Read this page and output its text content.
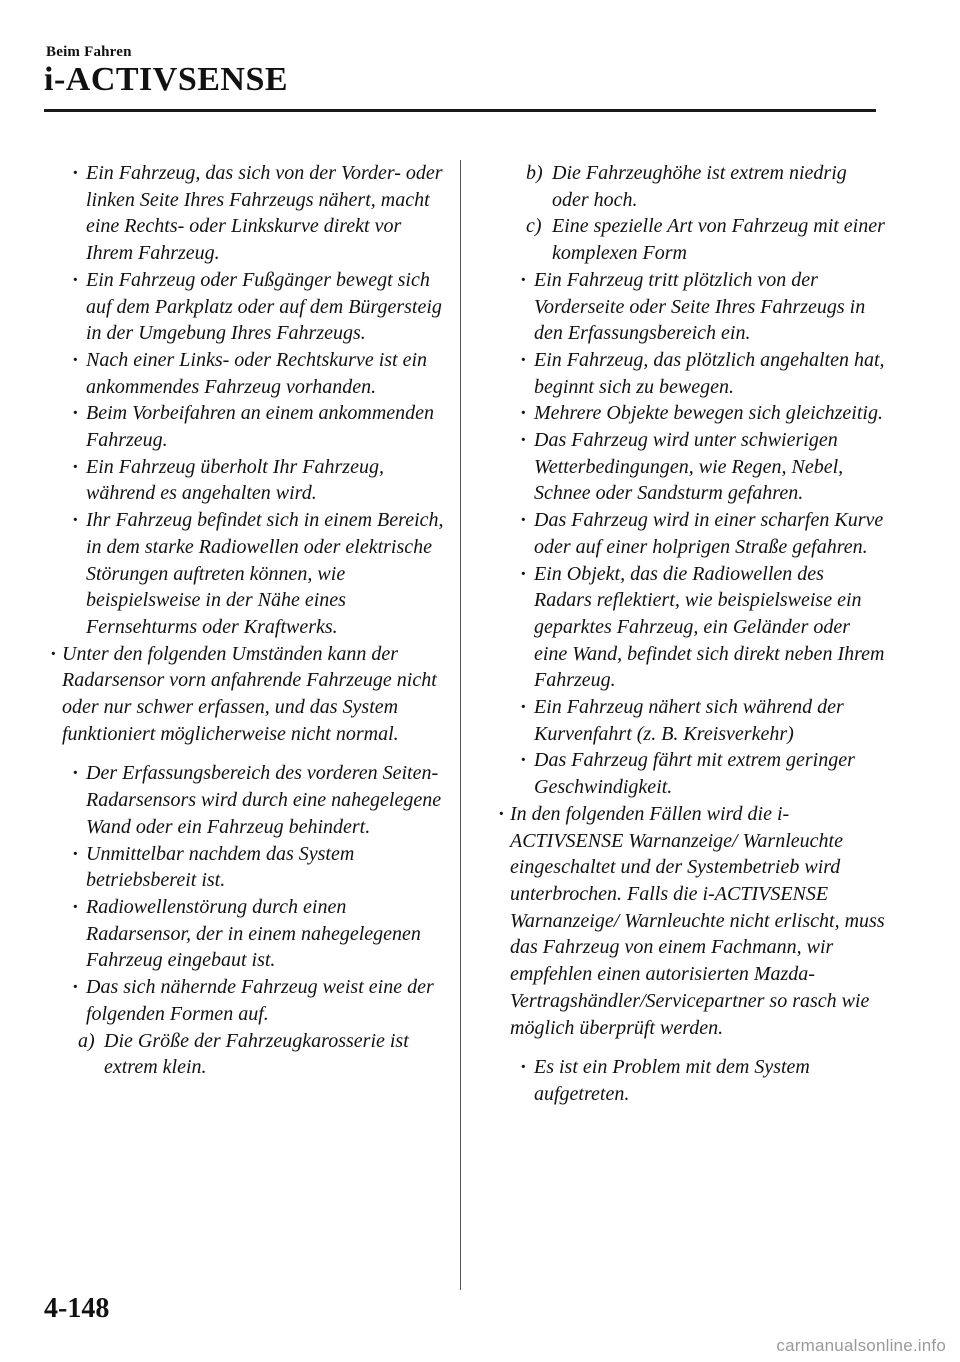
Beim Fahren
i-ACTIVSENSE
· Ein Fahrzeug, das sich von der Vorder- oder linken Seite Ihres Fahrzeugs nähert, macht eine Rechts- oder Linkskurve direkt vor Ihrem Fahrzeug.
· Ein Fahrzeug oder Fußgänger bewegt sich auf dem Parkplatz oder auf dem Bürgersteig in der Umgebung Ihres Fahrzeugs.
· Nach einer Links- oder Rechtskurve ist ein ankommendes Fahrzeug vorhanden.
· Beim Vorbeifahren an einem ankommenden Fahrzeug.
· Ein Fahrzeug überholt Ihr Fahrzeug, während es angehalten wird.
· Ihr Fahrzeug befindet sich in einem Bereich, in dem starke Radiowellen oder elektrische Störungen auftreten können, wie beispielsweise in der Nähe eines Fernsehturms oder Kraftwerks.
· Unter den folgenden Umständen kann der Radarsensor vorn anfahrende Fahrzeuge nicht oder nur schwer erfassen, und das System funktioniert möglicherweise nicht normal.
· Der Erfassungsbereich des vorderen Seiten-Radarsensors wird durch eine nahegelegene Wand oder ein Fahrzeug behindert.
· Unmittelbar nachdem das System betriebsbereit ist.
· Radiowellenstörung durch einen Radarsensor, der in einem nahegelegenen Fahrzeug eingebaut ist.
· Das sich nähernde Fahrzeug weist eine der folgenden Formen auf.
a) Die Größe der Fahrzeugkarosserie ist extrem klein.
b) Die Fahrzeughöhe ist extrem niedrig oder hoch.
c) Eine spezielle Art von Fahrzeug mit einer komplexen Form
· Ein Fahrzeug tritt plötzlich von der Vorderseite oder Seite Ihres Fahrzeugs in den Erfassungsbereich ein.
· Ein Fahrzeug, das plötzlich angehalten hat, beginnt sich zu bewegen.
· Mehrere Objekte bewegen sich gleichzeitig.
· Das Fahrzeug wird unter schwierigen Wetterbedingungen, wie Regen, Nebel, Schnee oder Sandsturm gefahren.
· Das Fahrzeug wird in einer scharfen Kurve oder auf einer holprigen Straße gefahren.
· Ein Objekt, das die Radiowellen des Radars reflektiert, wie beispielsweise ein geparktes Fahrzeug, ein Geländer oder eine Wand, befindet sich direkt neben Ihrem Fahrzeug.
· Ein Fahrzeug nähert sich während der Kurvenfahrt (z. B. Kreisverkehr)
· Das Fahrzeug fährt mit extrem geringer Geschwindigkeit.
· In den folgenden Fällen wird die i-ACTIVSENSE Warnanzeige/ Warnleuchte eingeschaltet und der Systembetrieb wird unterbrochen. Falls die i-ACTIVSENSE Warnanzeige/ Warnleuchte nicht erlischt, muss das Fahrzeug von einem Fachmann, wir empfehlen einen autorisierten Mazda-Vertragshändler/Servicepartner so rasch wie möglich überprüft werden.
· Es ist ein Problem mit dem System aufgetreten.
4-148
carmanualsonline.info
